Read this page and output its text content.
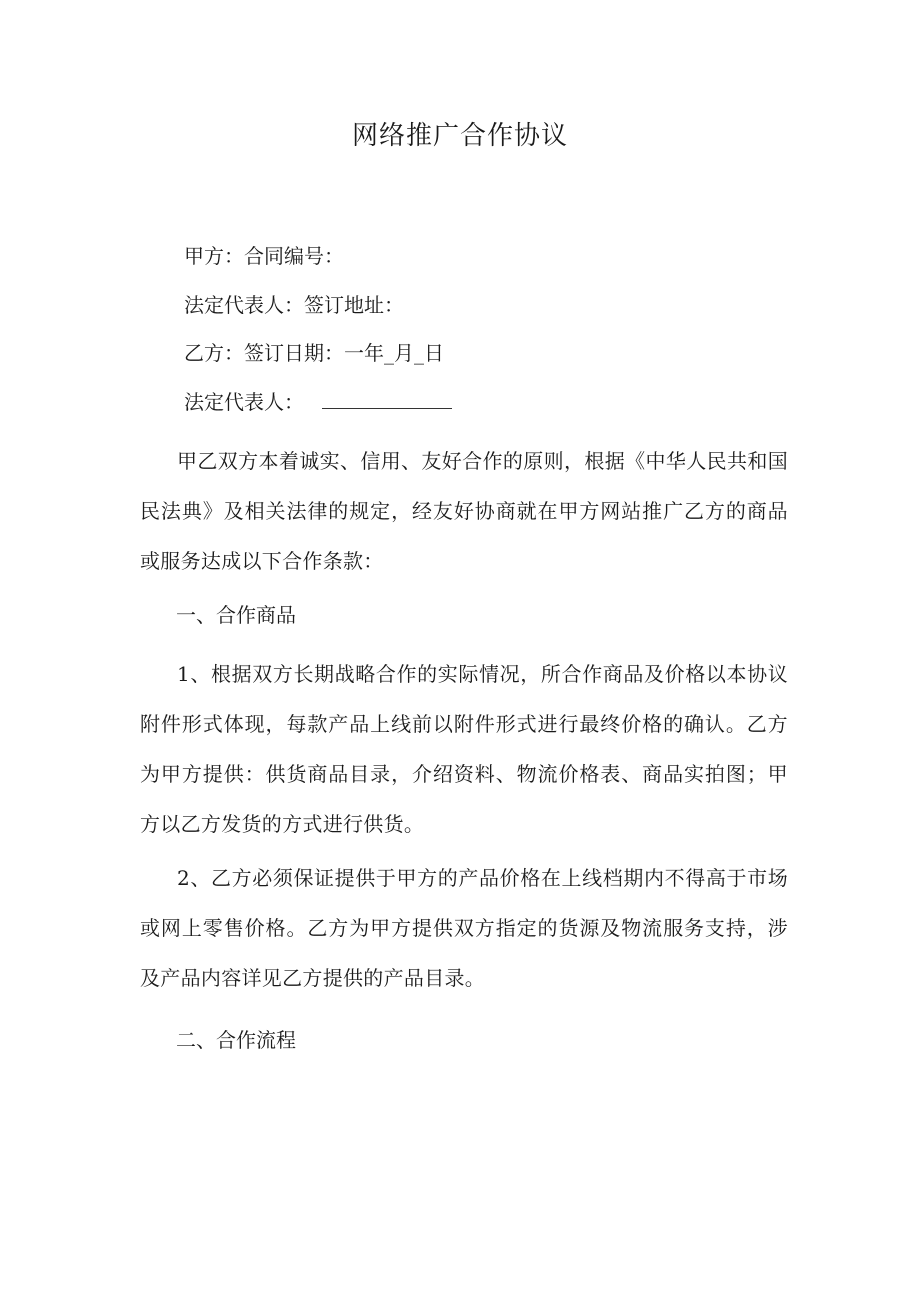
网络推广合作协议
甲方：合同编号：
法定代表人：签订地址：
乙方：签订日期：一年_月_日
法定代表人：
甲乙双方本着诚实、信用、友好合作的原则，根据《中华人民共和国民法典》及相关法律的规定，经友好协商就在甲方网站推广乙方的商品或服务达成以下合作条款：
一、合作商品
1、根据双方长期战略合作的实际情况，所合作商品及价格以本协议附件形式体现，每款产品上线前以附件形式进行最终价格的确认。乙方为甲方提供：供货商品目录，介绍资料、物流价格表、商品实拍图；甲方以乙方发货的方式进行供货。
2、乙方必须保证提供于甲方的产品价格在上线档期内不得高于市场或网上零售价格。乙方为甲方提供双方指定的货源及物流服务支持，涉及产品内容详见乙方提供的产品目录。
二、合作流程
